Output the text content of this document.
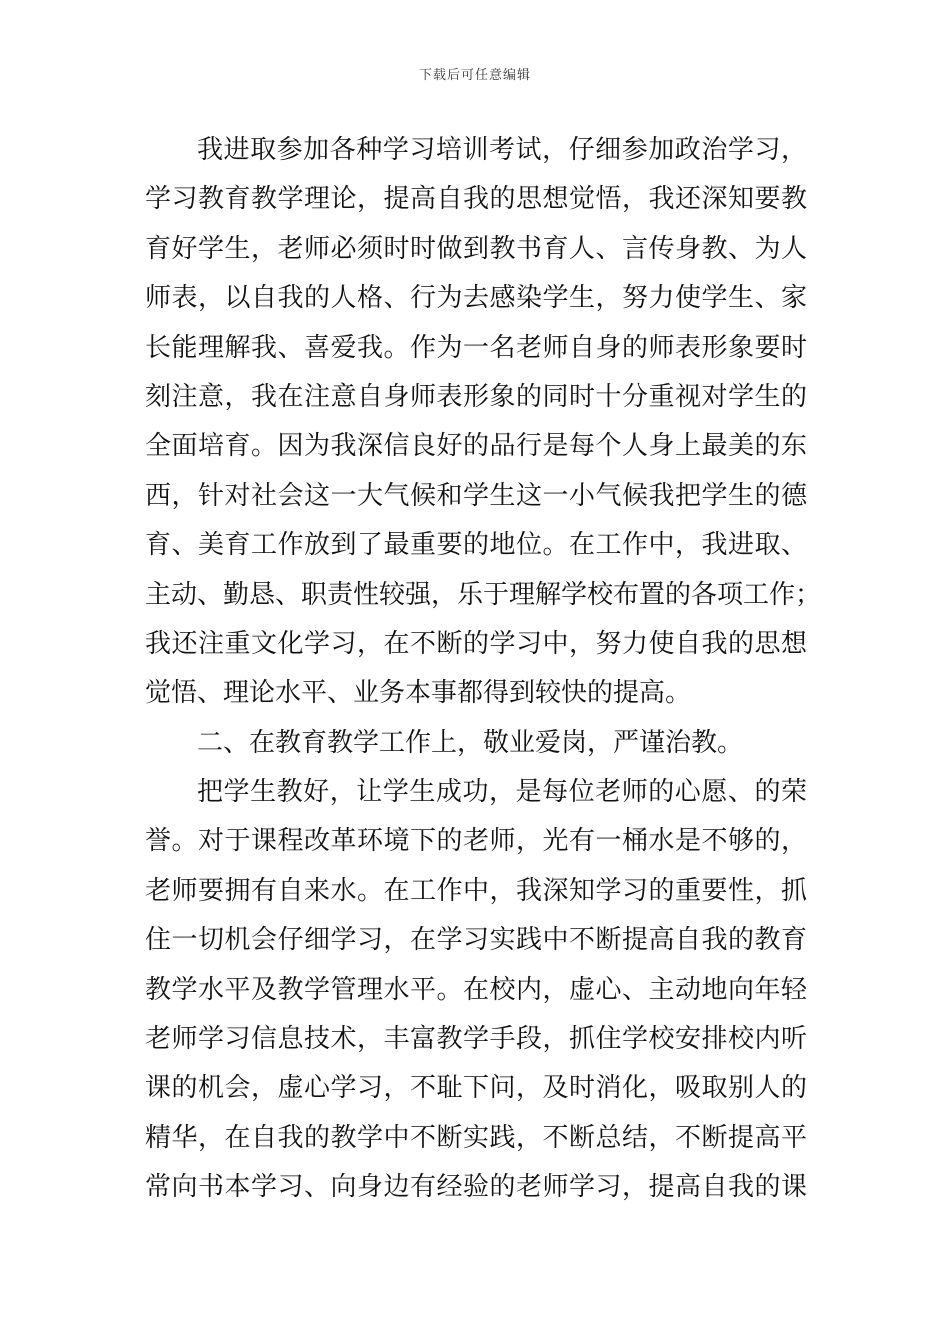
下载后可任意编辑
我进取参加各种学习培训考试，仔细参加政治学习，
学习教育教学理论，提高自我的思想觉悟，我还深知要教
育好学生，老师必须时时做到教书育人、言传身教、为人
师表，以自我的人格、行为去感染学生，努力使学生、家
长能理解我、喜爱我。作为一名老师自身的师表形象要时
刻注意，我在注意自身师表形象的同时十分重视对学生的
全面培育。因为我深信良好的品行是每个人身上最美的东
西，针对社会这一大气候和学生这一小气候我把学生的德
育、美育工作放到了最重要的地位。在工作中，我进取、
主动、勤恳、职责性较强，乐于理解学校布置的各项工作；
我还注重文化学习，在不断的学习中，努力使自我的思想
觉悟、理论水平、业务本事都得到较快的提高。
二、在教育教学工作上，敬业爱岗，严谨治教。
把学生教好，让学生成功，是每位老师的心愿、的荣
誉。对于课程改革环境下的老师，光有一桶水是不够的，
老师要拥有自来水。在工作中，我深知学习的重要性，抓
住一切机会仔细学习，在学习实践中不断提高自我的教育
教学水平及教学管理水平。在校内，虚心、主动地向年轻
老师学习信息技术，丰富教学手段，抓住学校安排校内听
课的机会，虚心学习，不耻下问，及时消化，吸取别人的
精华，在自我的教学中不断实践，不断总结，不断提高平
常向书本学习、向身边有经验的老师学习，提高自我的课
